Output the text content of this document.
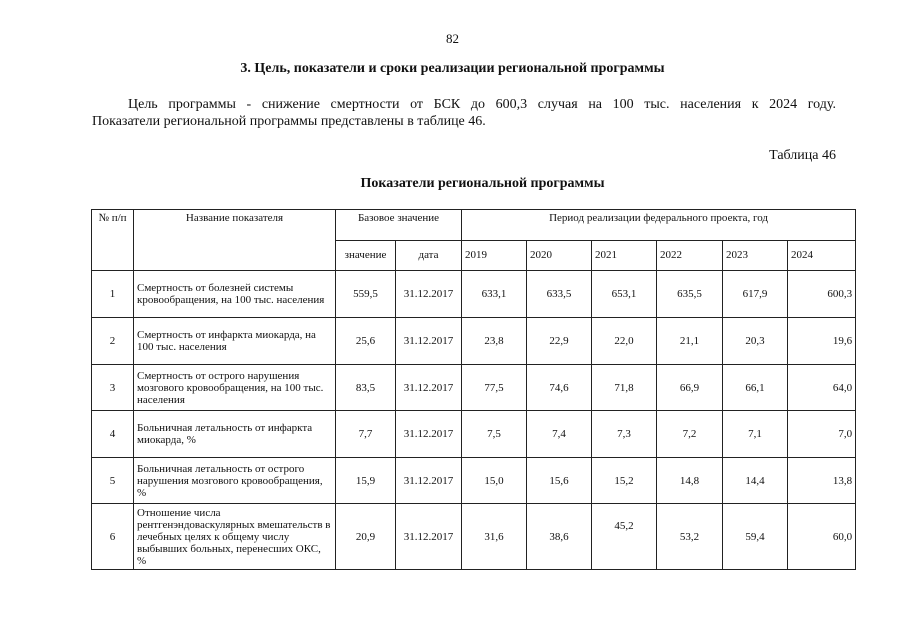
82
3. Цель, показатели и сроки реализации региональной программы
Цель программы - снижение смертности от БСК до 600,3 случая на 100 тыс. населения к 2024 году.
Показатели региональной программы представлены в таблице 46.
Таблица 46
Показатели региональной программы
№ п/п	Название показателя	Базовое значение		Период реализации федерального проекта, год					
		значение	дата	2019	2020	2021	2022	2023	2024
1	Смертность от болезней системы кровообращения, на 100 тыс. населения	559,5	31.12.2017	633,1	633,5	653,1	635,5	617,9	600,3
2	Смертность от инфаркта миокарда, на 100 тыс. населения	25,6	31.12.2017	23,8	22,9	22,0	21,1	20,3	19,6
3	Смертность от острого нарушения мозгового кровообращения, на 100 тыс. населения	83,5	31.12.2017	77,5	74,6	71,8	66,9	66,1	64,0
4	Больничная летальность от инфаркта миокарда, %	7,7	31.12.2017	7,5	7,4	7,3	7,2	7,1	7,0
5	Больничная летальность от острого нарушения мозгового кровообращения, %	15,9	31.12.2017	15,0	15,6	15,2	14,8	14,4	13,8
6	Отношение числа рентгенэндоваскулярных вмешательств в лечебных целях к общему числу выбывших больных, перенесших ОКС, %	20,9	31.12.2017	31,6	38,6	45,2	53,2	59,4	60,0
